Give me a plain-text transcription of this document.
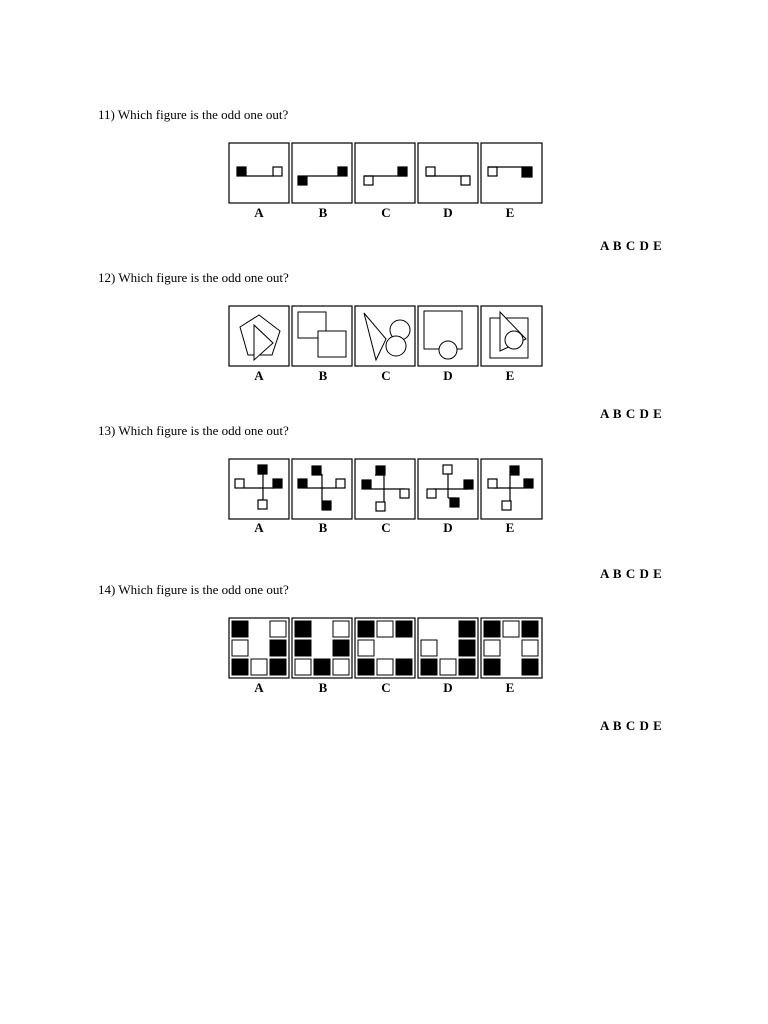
11) Which figure is the odd one out?
A	B	C	D	E
A B C D E
12) Which figure is the odd one out?
A	B	C	D	E
A B C D E
13) Which figure is the odd one out?
A	B	C	D	E
A B C D E
14) Which figure is the odd one out?
A	B	C	D	E
A B C D E
